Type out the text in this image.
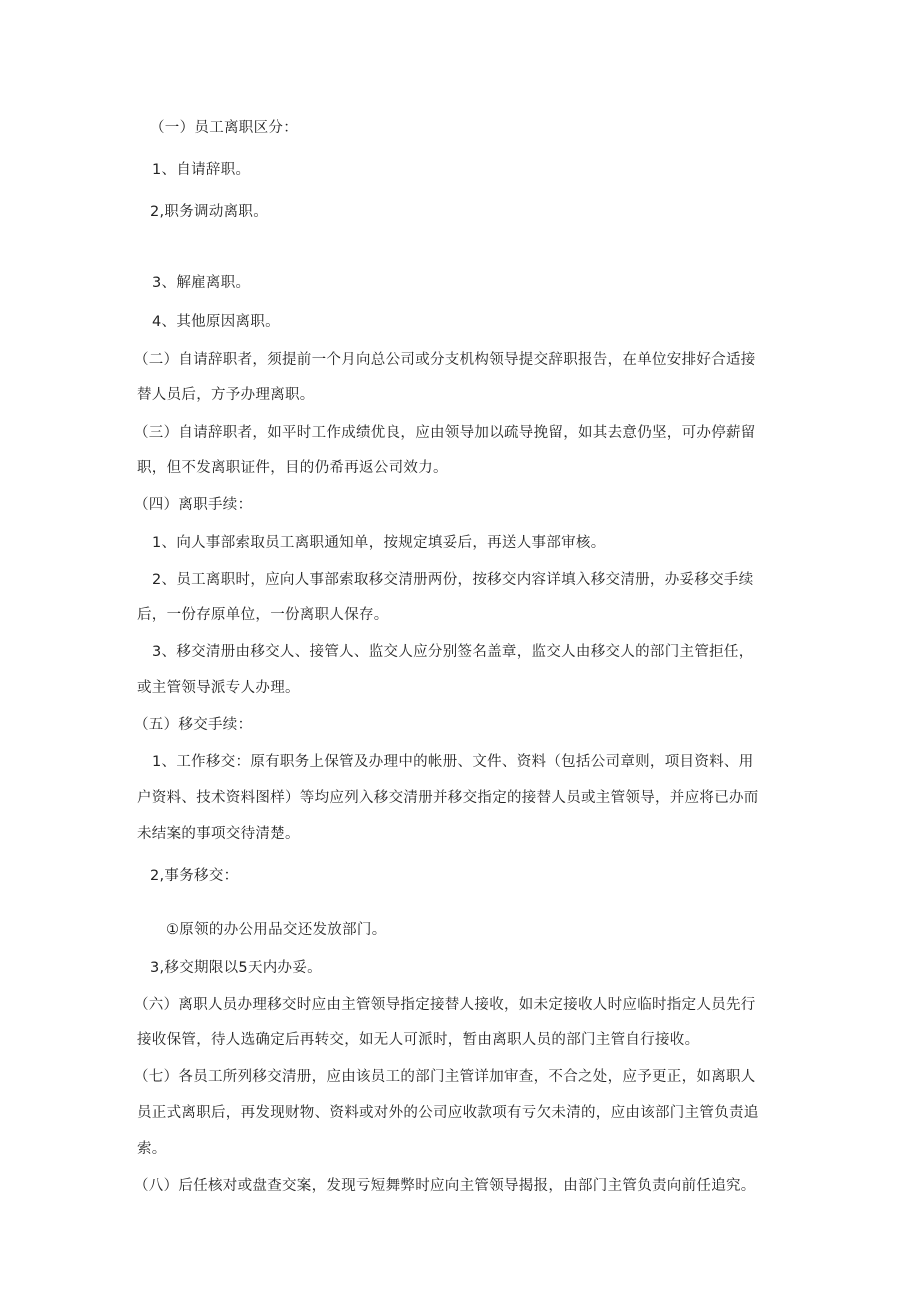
（一）员工离职区分：
1、自请辞职。
2,职务调动离职。
3、解雇离职。
4、其他原因离职。
（二）自请辞职者，须提前一个月向总公司或分支机构领导提交辞职报告，在单位安排好合适接
替人员后，方予办理离职。
（三）自请辞职者，如平时工作成绩优良，应由领导加以疏导挽留，如其去意仍坚，可办停薪留
职，但不发离职证件，目的仍希再返公司效力。
（四）离职手续：
1、向人事部索取员工离职通知单，按规定填妥后，再送人事部审核。
2、员工离职时，应向人事部索取移交清册两份，按移交内容详填入移交清册，办妥移交手续
后，一份存原单位，一份离职人保存。
3、移交清册由移交人、接管人、监交人应分别签名盖章，监交人由移交人的部门主管拒任，
或主管领导派专人办理。
（五）移交手续：
1、工作移交：原有职务上保管及办理中的帐册、文件、资料（包括公司章则，项目资料、用
户资料、技术资料图样）等均应列入移交清册并移交指定的接替人员或主管领导，并应将已办而
未结案的事项交待清楚。
2,事务移交：
①原领的办公用品交还发放部门。
3,移交期限以5天内办妥。
（六）离职人员办理移交时应由主管领导指定接替人接收，如未定接收人时应临时指定人员先行
接收保管，待人选确定后再转交，如无人可派时，暂由离职人员的部门主管自行接收。
（七）各员工所列移交清册，应由该员工的部门主管详加审查，不合之处，应予更正，如离职人
员正式离职后，再发现财物、资料或对外的公司应收款项有亏欠未清的，应由该部门主管负责追
索。
（八）后任核对或盘查交案，发现亏短舞弊时应向主管领导揭报，由部门主管负责向前任追究。
